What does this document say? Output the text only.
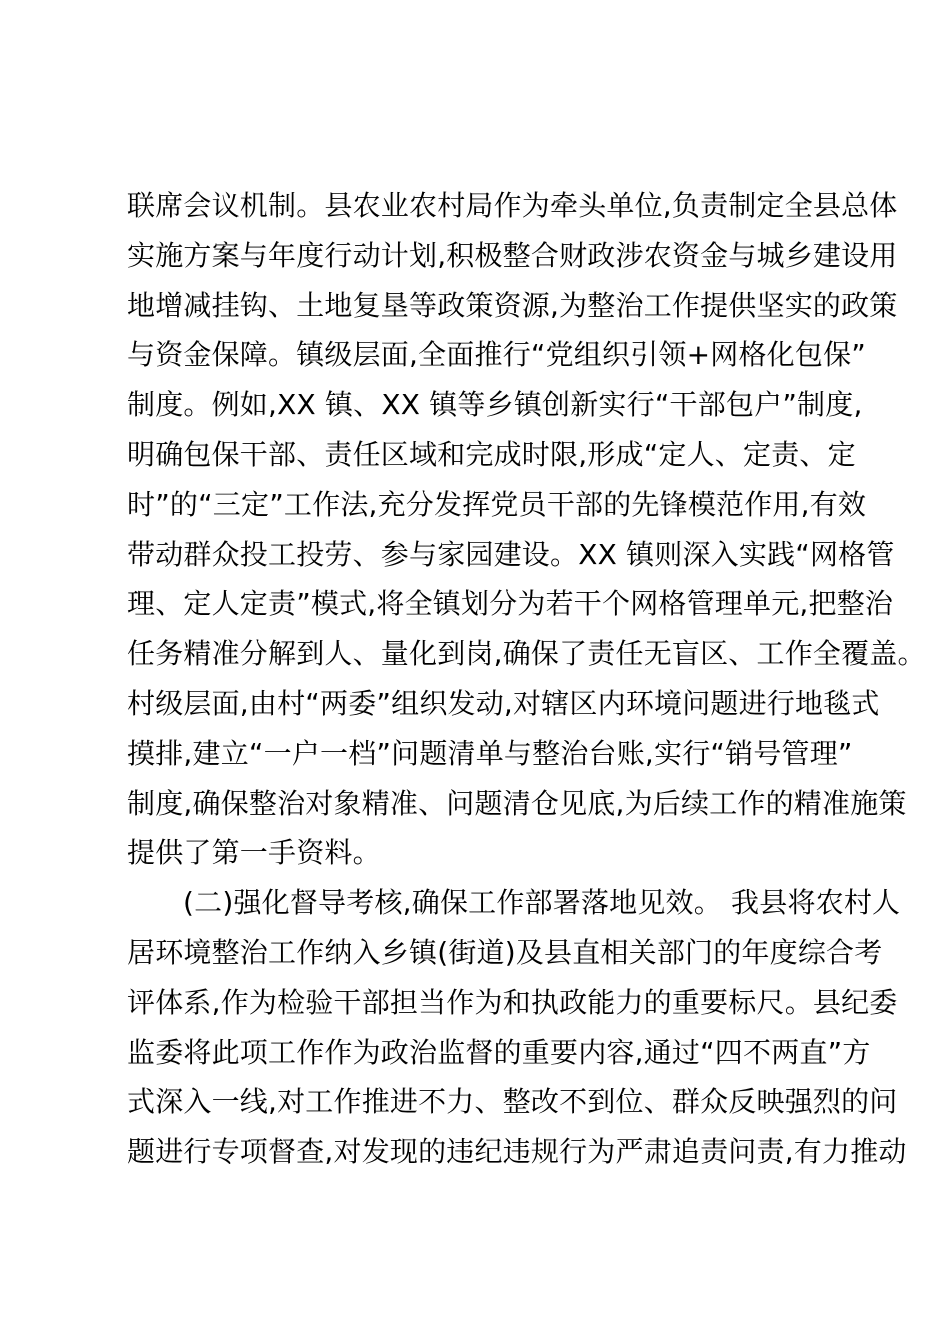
联席会议机制。县农业农村局作为牵头单位,负责制定全县总体
实施方案与年度行动计划,积极整合财政涉农资金与城乡建设用
地增减挂钩、土地复垦等政策资源,为整治工作提供坚实的政策
与资金保障。镇级层面,全面推行“党组织引领+网格化包保”
制度。例如,XX 镇、XX 镇等乡镇创新实行“干部包户”制度,
明确包保干部、责任区域和完成时限,形成“定人、定责、定
时”的“三定”工作法,充分发挥党员干部的先锋模范作用,有效
带动群众投工投劳、参与家园建设。XX 镇则深入实践“网格管
理、定人定责”模式,将全镇划分为若干个网格管理单元,把整治
任务精准分解到人、量化到岗,确保了责任无盲区、工作全覆盖。
村级层面,由村“两委”组织发动,对辖区内环境问题进行地毯式
摸排,建立“一户一档”问题清单与整治台账,实行“销号管理”
制度,确保整治对象精准、问题清仓见底,为后续工作的精准施策
提供了第一手资料。
(二)强化督导考核,确保工作部署落地见效。 我县将农村人
居环境整治工作纳入乡镇(街道)及县直相关部门的年度综合考
评体系,作为检验干部担当作为和执政能力的重要标尺。县纪委
监委将此项工作作为政治监督的重要内容,通过“四不两直”方
式深入一线,对工作推进不力、整改不到位、群众反映强烈的问
题进行专项督查,对发现的违纪违规行为严肃追责问责,有力推动
